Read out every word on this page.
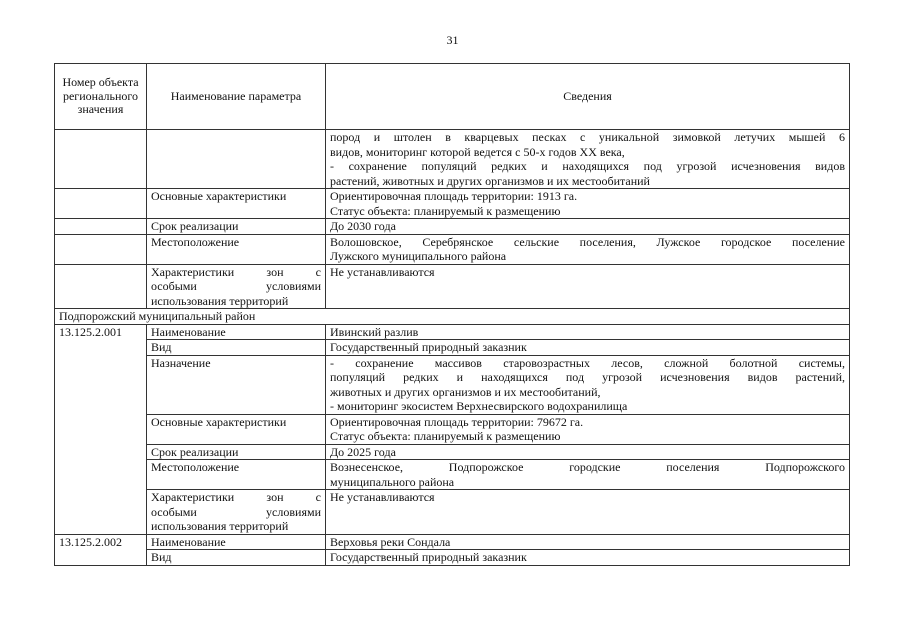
31
Номер объекта регионального значения	Наименование параметра	Сведения

		пород и штолен в кварцевых песках с уникальной зимовкой летучих мышей 6
видов, мониторинг которой ведется с 50-х годов XX века,
- сохранение популяций редких и находящихся под угрозой исчезновения видов
растений, животных и других организмов и их местообитаний

	Основные характеристики	Ориентировочная площадь территории: 1913 га.
Статус объекта: планируемый к размещению

	Срок реализации	До 2030 года
	Местоположение	Волошовское, Серебрянское сельские поселения, Лужское городское поселение
Лужского муниципального района

	Характеристики зон с
особыми условиями
использования территорий	Не устанавливаются
Подпорожский муниципальный район		
13.125.2.001	Наименование	Ивинский разлив
	Вид	Государственный природный заказник
	Назначение	- сохранение массивов старовозрастных лесов, сложной болотной системы,
популяций редких и находящихся под угрозой исчезновения видов растений,
животных и других организмов и их местообитаний,
- мониторинг экосистем Верхнесвирского водохранилища

	Основные характеристики	Ориентировочная площадь территории: 79672 га.
Статус объекта: планируемый к размещению

	Срок реализации	До 2025 года
	Местоположение	Вознесенское, Подпорожское городские поселения Подпорожского
муниципального района

	Характеристики зон с
особыми условиями
использования территорий	Не устанавливаются
13.125.2.002	Наименование	Верховья реки Сондала
	Вид	Государственный природный заказник
